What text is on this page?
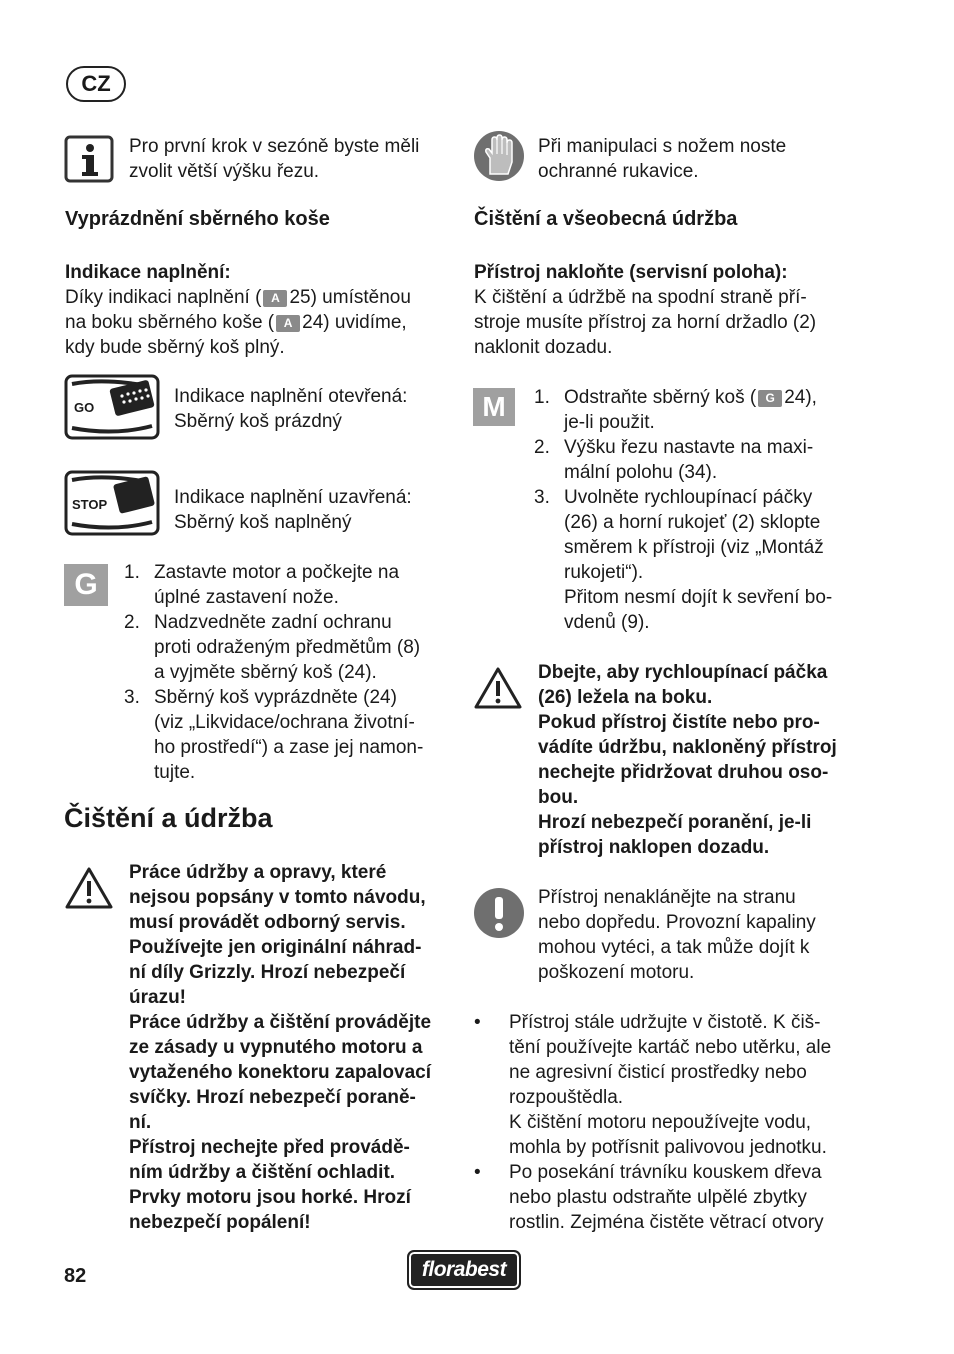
CZ
Pro první krok v sezóně byste měli
zvolit větší výšku řezu.
Vyprázdnění sběrného koše
Indikace naplnění:
Díky indikaci naplnění ( A 25) umístěnou
na boku sběrného koše ( A 24) uvidíme,
kdy bude sběrný koš plný.
GO
Indikace naplnění otevřená:
Sběrný koš prázdný
STOP	Indikace naplnění uzavřená:
Sběrný koš naplněný
G	1. Zastavte motor a počkejte na
úplné zastavení nože.
2. Nadzvedněte zadní ochranu
proti odraženým předmětům (8)
a vyjměte sběrný koš (24).
3. Sběrný koš vyprázdněte (24)
(viz „Likvidace/ochrana životní-
ho prostředí“) a zase jej namon-
tujte.
Čištění a údržba
Práce údržby a opravy, které
nejsou popsány v tomto návodu,
musí provádět odborný servis.
Používejte jen originální náhrad-
ní díly Grizzly. Hrozí nebezpečí
úrazu!
Práce údržby a čištění provádějte
ze zásady u vypnutého motoru a
vytaženého konektoru zapalovací
svíčky. Hrozí nebezpečí poraně-
ní.
Přístroj nechejte před provádě-
ním údržby a čištění ochladit.
Prvky motoru jsou horké. Hrozí
nebezpečí popálení!
Při manipulaci s nožem noste
ochranné rukavice.
Čištění a všeobecná údržba
Přístroj nakloňte (servisní poloha):
K čištění a údržbě na spodní straně pří-
stroje musíte přístroj za horní držadlo (2)
naklonit dozadu.
M	1. Odstraňte sběrný koš ( G 24),
je-li použit.
2. Výšku řezu nastavte na maxi-
mální polohu (34).
3. Uvolněte rychloupínací páčky
(26) a horní rukojeť (2) sklopte
směrem k přístroji (viz „Montáž
rukojeti“).
Přitom nesmí dojít k sevření bo-
vdenů (9).
Dbejte, aby rychloupínací páčka
(26) ležela na boku.
Pokud přístroj čistíte nebo pro-
vádíte údržbu, nakloněný přístroj
nechejte přidržovat druhou oso-
bou.
Hrozí nebezpečí poranění, je-li
přístroj naklopen dozadu.
Přístroj nenaklánějte na stranu
nebo dopředu. Provozní kapaliny
mohou vytéci, a tak může dojít k
poškození motoru.
• Přístroj stále udržujte v čistotě. K čiš-
tění používejte kartáč nebo utěrku, ale
ne agresivní čisticí prostředky nebo
rozpouštědla.
K čištění motoru nepoužívejte vodu,
mohla by potřísnit palivovou jednotku.
• Po posekání trávníku kouskem dřeva
nebo plastu odstraňte ulpělé zbytky
rostlin. Zejména čistěte větrací otvory
82	florabest
